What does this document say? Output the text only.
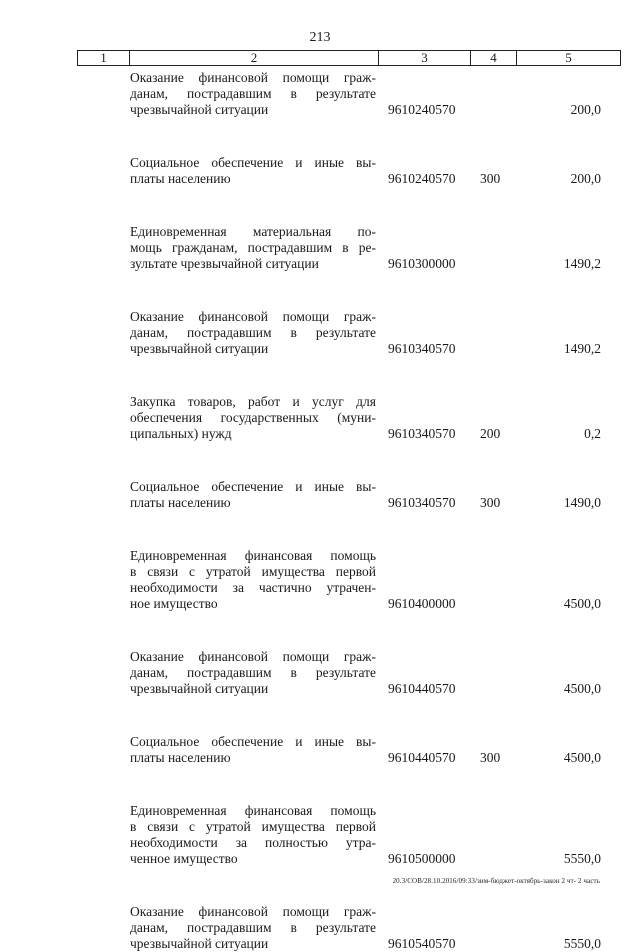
213
1	2	3	4	5
Оказание финансовой помощи граж-
данам, пострадавшим в результате
чрезвычайной ситуации	9610240570	200,0
Социальное обеспечение и иные вы-
платы населению	9610240570 300	200,0
Единовременная материальная по-
мощь гражданам, пострадавшим в ре-
зультате чрезвычайной ситуации	9610300000	1490,2
Оказание финансовой помощи граж-
данам, пострадавшим в результате
чрезвычайной ситуации	9610340570	1490,2
Закупка товаров, работ и услуг для
обеспечения государственных (муни-
ципальных) нужд	9610340570 200	0,2
Социальное обеспечение и иные вы-
платы населению	9610340570 300	1490,0
Единовременная финансовая помощь
в связи с утратой имущества первой
необходимости за частично утрачен-
ное имущество	9610400000	4500,0
Оказание финансовой помощи граж-
данам, пострадавшим в результате
чрезвычайной ситуации	9610440570	4500,0
Социальное обеспечение и иные вы-
платы населению	9610440570 300	4500,0
Единовременная финансовая помощь
в связи с утратой имущества первой
необходимости за полностью утра-
ченное имущество	9610500000	5550,0
Оказание финансовой помощи граж-
данам, пострадавшим в результате
чрезвычайной ситуации	9610540570	5550,0
20.3/СОВ/28.10.2016/09:33/зим-бюджет-октябрь-закон 2 чт- 2 часть
